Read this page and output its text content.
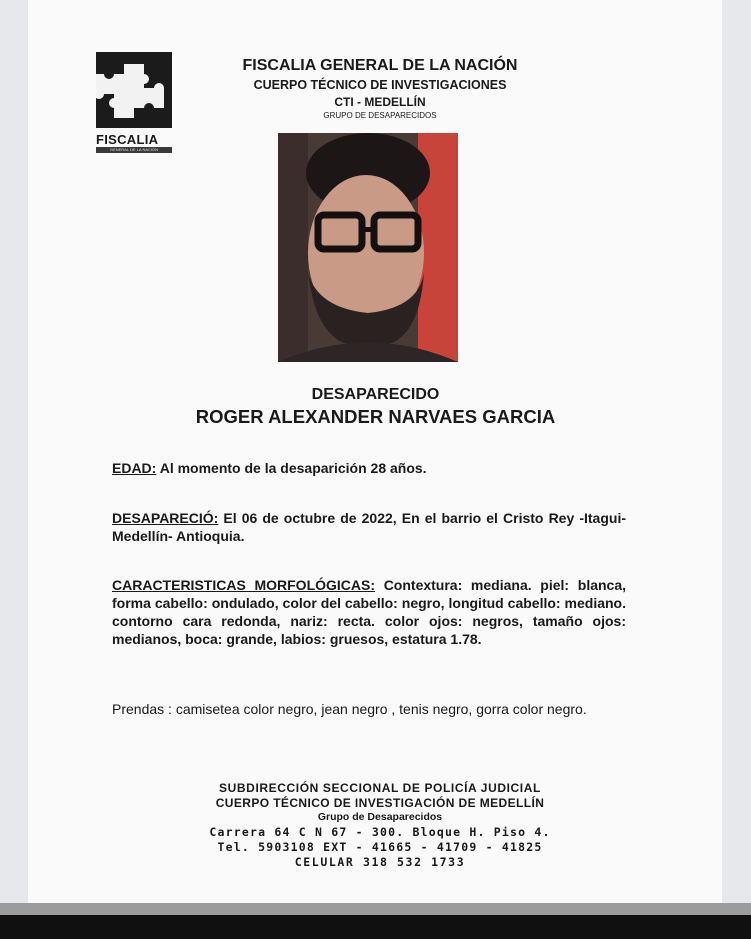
FISCALIA
GENERAL DE LA NACIÓN
FISCALIA GENERAL DE LA NACIÓN
CUERPO TÉCNICO DE INVESTIGACIONES
CTI - MEDELLÍN
GRUPO DE DESAPARECIDOS
DESAPARECIDO
ROGER ALEXANDER NARVAES GARCIA
EDAD: Al momento de la desaparición 28 años.
DESAPARECIÓ: El 06 de octubre de 2022, En el barrio el Cristo Rey -Itagui- Medellín- Antioquia.
CARACTERISTICAS MORFOLÓGICAS: Contextura: mediana. piel: blanca, forma cabello: ondulado, color del cabello: negro, longitud cabello: mediano. contorno cara redonda, nariz: recta. color ojos: negros, tamaño ojos: medianos, boca: grande, labios: gruesos, estatura 1.78.
Prendas : camisetea color negro, jean negro , tenis negro, gorra color negro.
SUBDIRECCIÓN SECCIONAL DE POLICÍA JUDICIAL
CUERPO TÉCNICO DE INVESTIGACIÓN DE MEDELLÍN
Grupo de Desaparecidos
Carrera 64 C N 67 - 300. Bloque H. Piso 4.
Tel. 5903108 EXT - 41665 - 41709 - 41825
CELULAR 318 532 1733
